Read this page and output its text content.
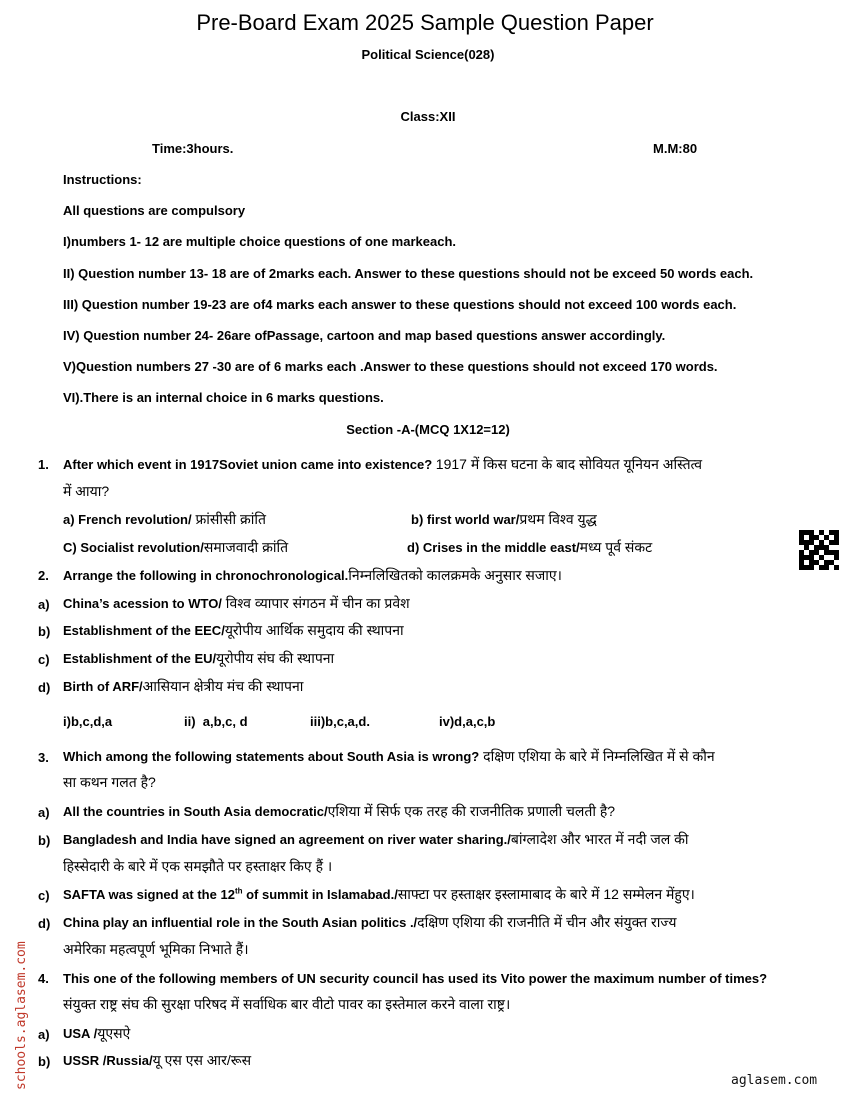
Pre-Board Exam 2025 Sample Question Paper
Political Science(028)
Class:XII
Time:3hours.	M.M:80
Instructions:
All questions are compulsory
I)numbers 1- 12 are multiple choice questions of one markeach.
II) Question number 13- 18 are of 2marks each. Answer to these questions should not be exceed 50 words each.
III) Question number 19-23 are of4 marks each answer to these questions should not exceed 100 words each.
IV) Question number 24- 26are ofPassage, cartoon and map based questions answer accordingly.
V)Question numbers 27 -30 are of 6 marks each .Answer to these questions should not exceed 170 words.
VI).There is an internal choice in 6 marks questions.
Section -A-(MCQ 1X12=12)
1. After which event in 1917Soviet union came into existence? 1917 में किस घटना के बाद सोवियत यूनियन अस्तित्व
में आया?
a) French revolution/ फ्रांसीसी क्रांति	b) first world war/प्रथम विश्व युद्ध
C) Socialist revolution/समाजवादी क्रांति	d) Crises in the middle east/मध्य पूर्व संकट
2. Arrange the following in chronochronological.निम्नलिखितको कालक्रमके अनुसार सजाए।
a) China’s acession to WTO/ विश्व व्यापार संगठन में चीन का प्रवेश
b) Establishment of the EEC/यूरोपीय आर्थिक समुदाय की स्थापना
c) Establishment of the EU/यूरोपीय संघ की स्थापना
d) Birth of ARF/आसियान क्षेत्रीय मंच की स्थापना
i)b,c,d,a	ii)  a,b,c, d	iii)b,c,a,d.	iv)d,a,c,b
3. Which among the following statements about South Asia is wrong? दक्षिण एशिया के बारे में निम्नलिखित में से कौन
सा कथन गलत है?
a) All the countries in South Asia democratic/एशिया में सिर्फ एक तरह की राजनीतिक प्रणाली चलती है?
b) Bangladesh and India have signed an agreement on river water sharing./बांग्लादेश और भारत में नदी जल की
हिस्सेदारी के बारे में एक समझौते पर हस्ताक्षर किए हैं ।
c) SAFTA was signed at the 12th of summit in Islamabad./साफ्टा पर हस्ताक्षर इस्लामाबाद के बारे में 12 सम्मेलन मेंहुए।
d) China play an influential role in the South Asian politics ./दक्षिण एशिया की राजनीति में चीन और संयुक्त राज्य
अमेरिका महत्वपूर्ण भूमिका निभाते हैं।
4. This one of the following members of UN security council has used its Vito power the maximum number of times?
संयुक्त राष्ट्र संघ की सुरक्षा परिषद में सर्वाधिक बार वीटो पावर का इस्तेमाल करने वाला राष्ट्र।
a) USA /यूएसऐ
b) USSR /Russia/यू एस एस आर/रूस
schools.aglasem.com	aglasem.com
